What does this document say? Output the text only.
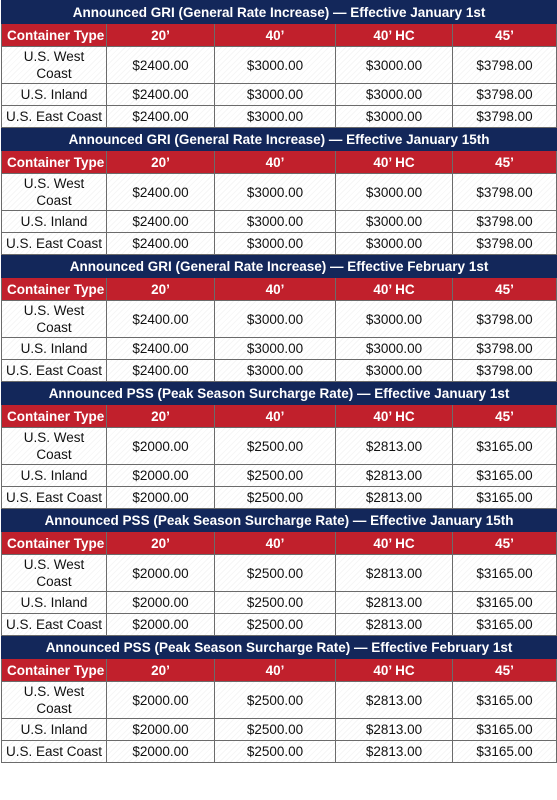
Announced GRI (General Rate Increase) — Effective January 1st				
Container Type	20’	40’	40’ HC	45’
U.S. West Coast	$2400.00	$3000.00	$3000.00	$3798.00
U.S. Inland	$2400.00	$3000.00	$3000.00	$3798.00
U.S. East Coast	$2400.00	$3000.00	$3000.00	$3798.00
Announced GRI (General Rate Increase) — Effective January 15th				
Container Type	20’	40’	40’ HC	45’
U.S. West Coast	$2400.00	$3000.00	$3000.00	$3798.00
U.S. Inland	$2400.00	$3000.00	$3000.00	$3798.00
U.S. East Coast	$2400.00	$3000.00	$3000.00	$3798.00
Announced GRI (General Rate Increase) — Effective February 1st				
Container Type	20’	40’	40’ HC	45’
U.S. West Coast	$2400.00	$3000.00	$3000.00	$3798.00
U.S. Inland	$2400.00	$3000.00	$3000.00	$3798.00
U.S. East Coast	$2400.00	$3000.00	$3000.00	$3798.00
Announced PSS (Peak Season Surcharge Rate) — Effective January 1st				
Container Type	20’	40’	40’ HC	45’
U.S. West Coast	$2000.00	$2500.00	$2813.00	$3165.00
U.S. Inland	$2000.00	$2500.00	$2813.00	$3165.00
U.S. East Coast	$2000.00	$2500.00	$2813.00	$3165.00
Announced PSS (Peak Season Surcharge Rate) — Effective January 15th				
Container Type	20’	40’	40’ HC	45’
U.S. West Coast	$2000.00	$2500.00	$2813.00	$3165.00
U.S. Inland	$2000.00	$2500.00	$2813.00	$3165.00
U.S. East Coast	$2000.00	$2500.00	$2813.00	$3165.00
Announced PSS (Peak Season Surcharge Rate) — Effective February 1st				
Container Type	20’	40’	40’ HC	45’
U.S. West Coast	$2000.00	$2500.00	$2813.00	$3165.00
U.S. Inland	$2000.00	$2500.00	$2813.00	$3165.00
U.S. East Coast	$2000.00	$2500.00	$2813.00	$3165.00
